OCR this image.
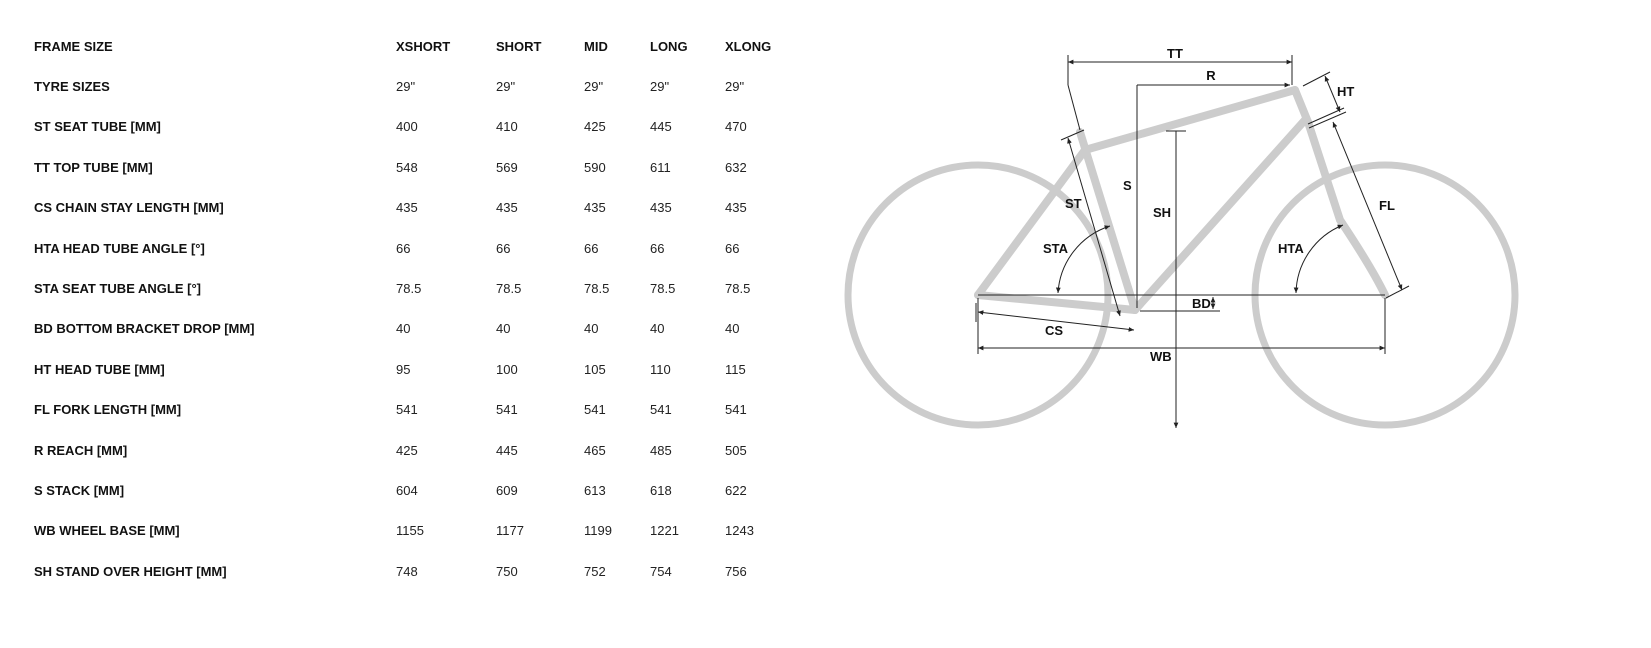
FRAME SIZE	XSHORT	SHORT	MID	LONG	XLONG
TYRE SIZES	29"	29"	29"	29"	29"
ST SEAT TUBE [MM]	400	410	425	445	470
TT TOP TUBE [MM]	548	569	590	611	632
CS CHAIN STAY LENGTH [MM]	435	435	435	435	435
HTA HEAD TUBE ANGLE [°]	66	66	66	66	66
STA SEAT TUBE ANGLE [°]	78.5	78.5	78.5	78.5	78.5
BD BOTTOM BRACKET DROP [MM]	40	40	40	40	40
HT HEAD TUBE [MM]	95	100	105	110	115
FL FORK LENGTH [MM]	541	541	541	541	541
R REACH [MM]	425	445	465	485	505
S STACK [MM]	604	609	613	618	622
WB WHEEL BASE [MM]	1155	1177	1199	1221	1243
SH STAND OVER HEIGHT [MM]	748	750	752	754	756
TT
R
HT
S
ST
SH	FL
STA	HTA
BD
CS
WB
